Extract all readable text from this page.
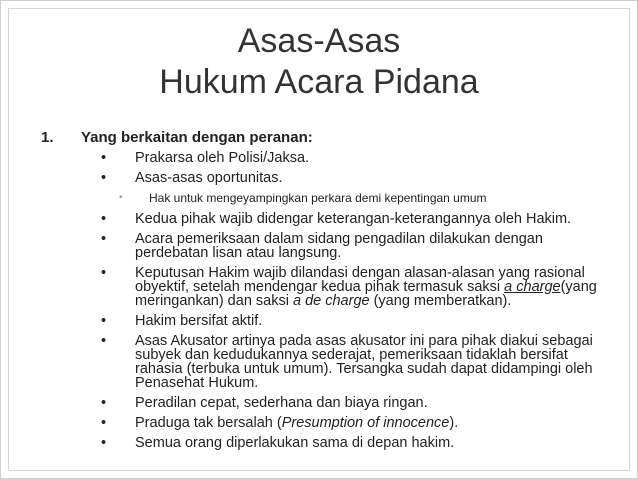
Asas-Asas
Hukum Acara Pidana
1.	Yang berkaitan dengan peranan:
•	Prakarsa oleh Polisi/Jaksa.
•	Asas-asas oportunitas.
•	Hak untuk mengeyampingkan perkara demi kepentingan umum
•	Kedua pihak wajib didengar keterangan-keterangannya oleh Hakim.
•	Acara pemeriksaan dalam sidang pengadilan dilakukan dengan perdebatan lisan atau langsung.
•	Keputusan Hakim wajib dilandasi dengan alasan-alasan yang rasional obyektif, setelah mendengar kedua pihak termasuk saksi a charge(yang meringankan) dan saksi a de charge (yang memberatkan).
•	Hakim bersifat aktif.
•	Asas Akusator artinya pada asas akusator ini para pihak diakui sebagai subyek dan kedudukannya sederajat, pemeriksaan tidaklah bersifat rahasia (terbuka untuk umum). Tersangka sudah dapat didampingi oleh Penasehat Hukum.
•	Peradilan cepat, sederhana dan biaya ringan.
•	Praduga tak bersalah (Presumption of innocence).
•	Semua orang diperlakukan sama di depan hakim.
